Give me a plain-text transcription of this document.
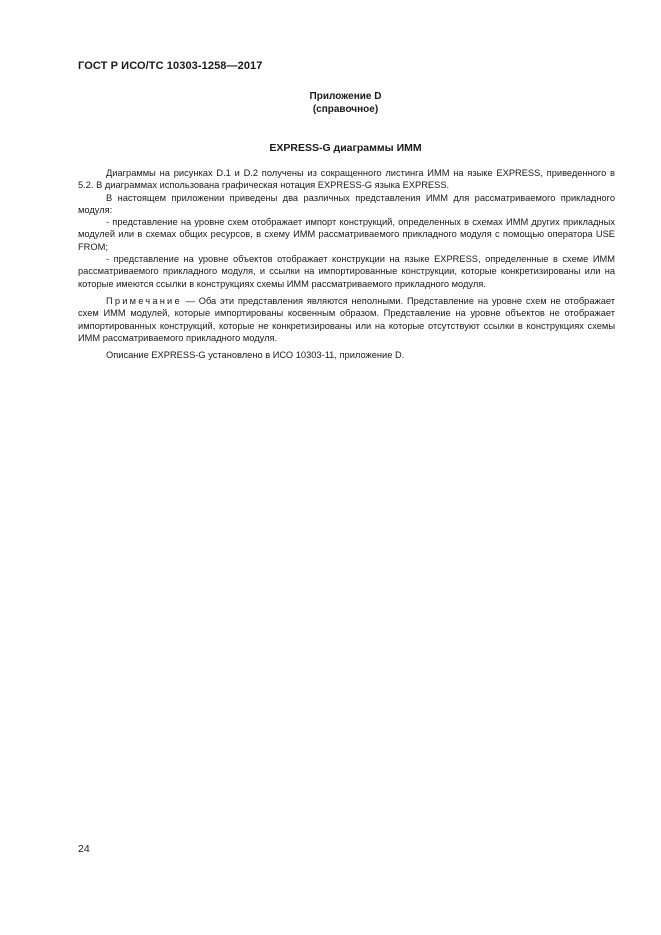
ГОСТ Р ИСО/ТС 10303-1258—2017
Приложение D
(справочное)
EXPRESS-G диаграммы ИММ

Диаграммы на рисунках D.1 и D.2 получены из сокращенного листинга ИММ на языке EXPRESS, приведенного в 5.2. В диаграммах использована графическая нотация EXPRESS-G языка EXPRESS.

В настоящем приложении приведены два различных представления ИММ для рассматриваемого прикладного модуля:

- представление на уровне схем отображает импорт конструкций, определенных в схемах ИММ других прикладных модулей или в схемах общих ресурсов, в схему ИММ рассматриваемого прикладного модуля с помощью оператора USE FROM;

- представление на уровне объектов отображает конструкции на языке EXPRESS, определенные в схеме ИММ рассматриваемого прикладного модуля, и ссылки на импортированные конструкции, которые конкретизированы или на которые имеются ссылки в конструкциях схемы ИММ рассматриваемого прикладного модуля.

Примечание — Оба эти представления являются неполными. Представление на уровне схем не отображает схем ИММ модулей, которые импортированы косвенным образом. Представление на уровне объектов не отображает импортированных конструкций, которые не конкретизированы или на которые отсутствуют ссылки в конструкциях схемы ИММ рассматриваемого прикладного модуля.

Описание EXPRESS-G установлено в ИСО 10303-11, приложение D.

24
